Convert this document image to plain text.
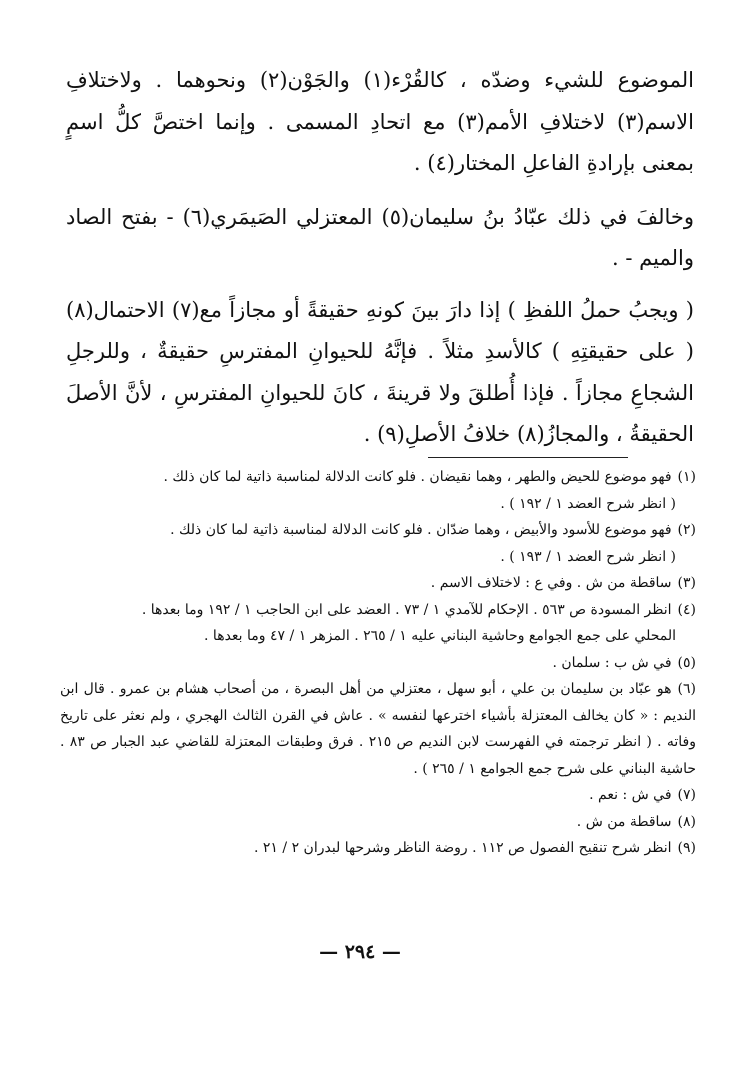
الموضوع للشيء وضدّه ، كالقُرْء(١) والجَوْن(٢) ونحوهما . ولاختلافِ الاسم(٣) لاختلافِ الأمم(٣) مع اتحادِ المسمى . وإنما اختصَّ كلُّ اسمٍ بمعنى بإرادةِ الفاعلِ المختار(٤) .

وخالفَ في ذلك عبّادُ بنُ سليمان(٥) المعتزلي الصَيمَري(٦) - بفتح الصاد والميم - .

( ويجبُ حملُ اللفظِ ) إذا دارَ بينَ كونهِ حقيقةً أو مجازاً مع(٧) الاحتمال(٨) ( على حقيقتِهِ ) كالأسدِ مثلاً . فإنَّهُ للحيوانِ المفترسِ حقيقةٌ ، وللرجلِ الشجاعِ مجازاً . فإذا أُطلقَ ولا قرينةَ ، كانَ للحيوانِ المفترسِ ، لأنَّ الأصلَ الحقيقةُ ، والمجازُ(٨) خلافُ الأصلِ(٩) .

(١)فهو موضوع للحيض والطهر ، وهما نقيضان . فلو كانت الدلالة لمناسبة ذاتية لما كان ذلك .
( انظر شرح العضد ١ / ١٩٢ ) .

(٢)فهو موضوع للأسود والأبيض ، وهما ضدّان . فلو كانت الدلالة لمناسبة ذاتية لما كان ذلك .
( انظر شرح العضد ١ / ١٩٣ ) .

(٣)ساقطة من ش . وفي ع : لاختلاف الاسم .

(٤)انظر المسودة ص ٥٦٣ . الإحكام للآمدي ١ / ٧٣ . العضد على ابن الحاجب ١ / ١٩٢ وما بعدها .
المحلي على جمع الجوامع وحاشية البناني عليه ١ / ٢٦٥ . المزهر ١ / ٤٧ وما بعدها .

(٥)في ش ب : سلمان .

(٦)هو عبّاد بن سليمان بن علي ، أبو سهل ، معتزلي من أهل البصرة ، من أصحاب هشام بن عمرو . قال ابن النديم : « كان يخالف المعتزلة بأشياء اخترعها لنفسه » . عاش في القرن الثالث الهجري ، ولم نعثر على تاريخ وفاته . ( انظر ترجمته في الفهرست لابن النديم ص ٢١٥ . فرق وطبقات المعتزلة للقاضي عبد الجبار ص ٨٣ . حاشية البناني على شرح جمع الجوامع ١ / ٢٦٥ ) .

(٧)في ش : نعم .

(٨)ساقطة من ش .

(٩)انظر شرح تنقيح الفصول ص ١١٢ . روضة الناظر وشرحها لبدران ٢ / ٢١ .

— ٢٩٤ —
